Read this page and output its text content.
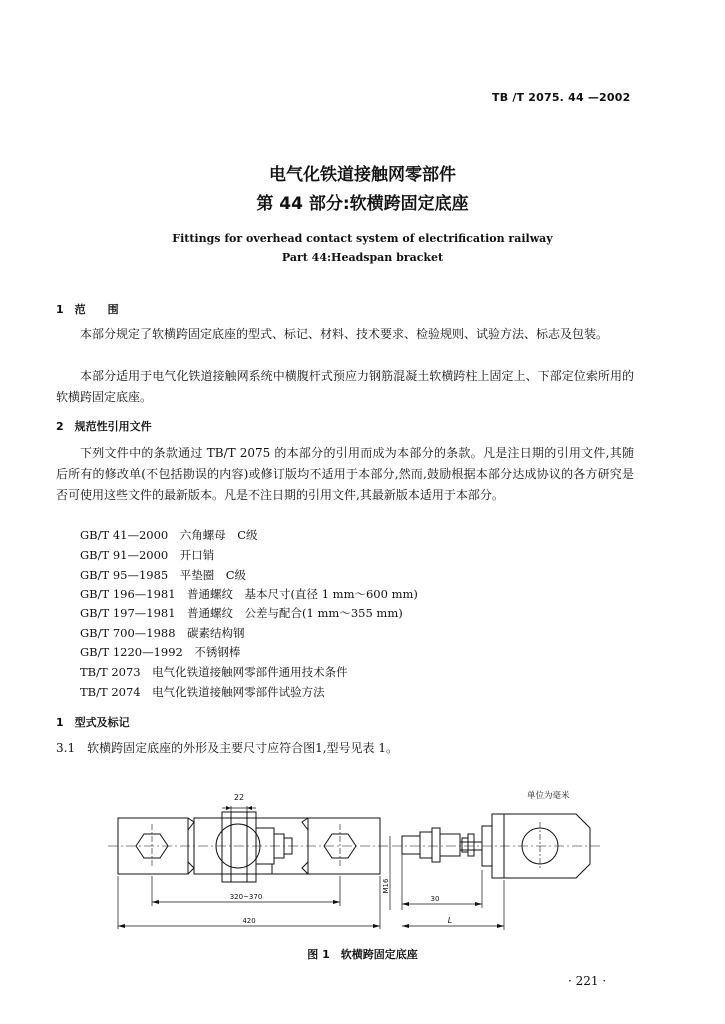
TB /T 2075. 44 —2002
电气化铁道接触网零部件
第 44 部分:软横跨固定底座
Fittings for overhead contact system of electrification railway
Part 44:Headspan bracket
1　范　　围
本部分规定了软横跨固定底座的型式、标记、材料、技术要求、检验规则、试验方法、标志及包装。
本部分适用于电气化铁道接触网系统中横腹杆式预应力钢筋混凝土软横跨柱上固定上、下部定位索所用的软横跨固定底座。
2　规范性引用文件
下列文件中的条款通过 TB/T 2075 的本部分的引用而成为本部分的条款。凡是注日期的引用文件,其随后所有的修改单(不包括勘误的内容)或修订版均不适用于本部分,然而,鼓励根据本部分达成协议的各方研究是否可使用这些文件的最新版本。凡是不注日期的引用文件,其最新版本适用于本部分。
GB/T 41—2000　六角螺母　C级
GB/T 91—2000　开口销
GB/T 95—1985　平垫圈　C级
GB/T 196—1981　普通螺纹　基本尺寸(直径 1 mm～600 mm)
GB/T 197—1981　普通螺纹　公差与配合(1 mm～355 mm)
GB/T 700—1988　碳素结构钢
GB/T 1220—1992　不锈钢棒
TB/T 2073　电气化铁道接触网零部件通用技术条件
TB/T 2074　电气化铁道接触网零部件试验方法
1　型式及标记
3.1　软横跨固定底座的外形及主要尺寸应符合图1,型号见表 1。
单位为毫米
22
320~370
420
M16
30
L
图 1　软横跨固定底座
· 221 ·
